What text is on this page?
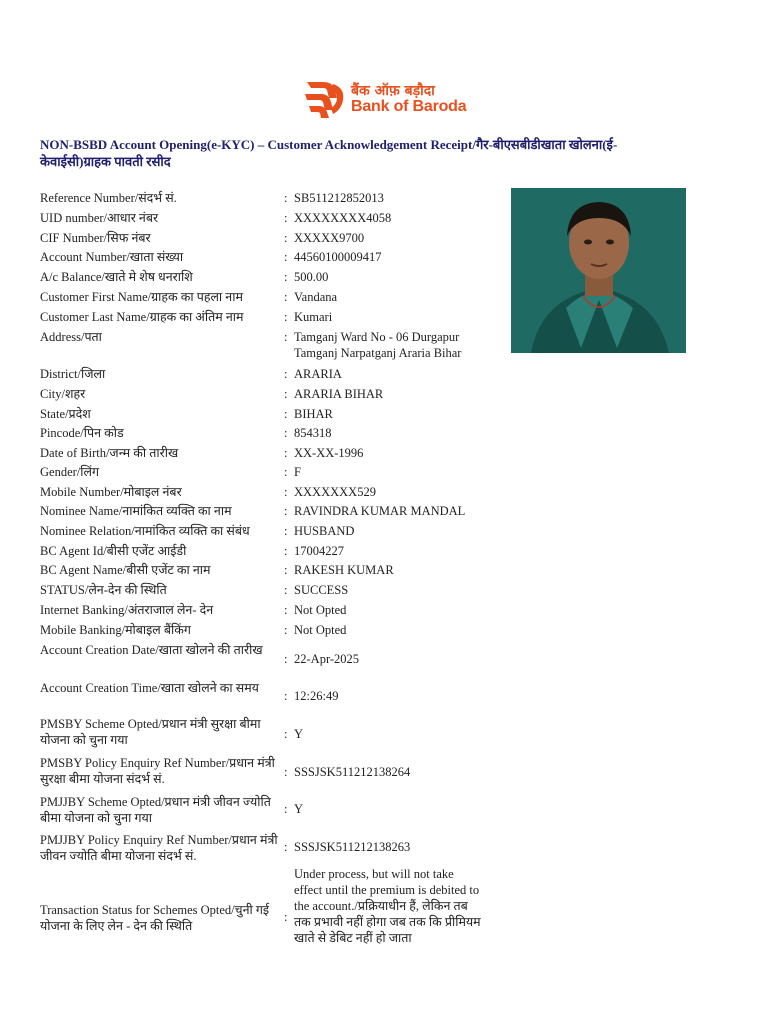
बैंक ऑफ़ बड़ौदा
Bank of Baroda
NON-BSBD Account Opening(e-KYC) – Customer Acknowledgement Receipt/गैर-बीएसबीडीखाता खोलना(ई-केवाईसी)ग्राहक पावती रसीद
Reference Number/संदर्भ सं.	: SB511212852013
UID number/आधार नंबर	: XXXXXXXX4058
CIF Number/सिफ नंबर	: XXXXX9700
Account Number/खाता संख्या	: 44560100009417
A/c Balance/खाते मे शेष धनराशि	: 500.00
Customer First Name/ग्राहक का पहला नाम	: Vandana
Customer Last Name/ग्राहक का अंतिम नाम	: Kumari
Address/पता	: Tamganj Ward No - 06 Durgapur Tamganj Narpatganj Araria Bihar
District/जिला	: ARARIA
City/शहर	: ARARIA BIHAR
State/प्रदेश	: BIHAR
Pincode/पिन कोड	: 854318
Date of Birth/जन्म की तारीख	: XX-XX-1996
Gender/लिंग	: F
Mobile Number/मोबाइल नंबर	: XXXXXXX529
Nominee Name/नामांकित व्यक्ति का नाम	: RAVINDRA KUMAR MANDAL
Nominee Relation/नामांकित व्यक्ति का संबंध	: HUSBAND
BC Agent Id/बीसी एजेंट आईडी	: 17004227
BC Agent Name/बीसी एजेंट का नाम	: RAKESH KUMAR
STATUS/लेन-देन की स्थिति	: SUCCESS
Internet Banking/अंतराजाल लेन- देन	: Not Opted
Mobile Banking/मोबाइल बैंकिंग	: Not Opted
Account Creation Date/खाता खोलने की तारीख
: 22-Apr-2025
Account Creation Time/खाता खोलने का समय
: 12:26:49
PMSBY Scheme Opted/प्रधान मंत्री सुरक्षा बीमा योजना को चुना गया	: Y
PMSBY Policy Enquiry Ref Number/प्रधान मंत्री सुरक्षा बीमा योजना संदर्भ सं.	: SSSJSK511212138264
PMJJBY Scheme Opted/प्रधान मंत्री जीवन ज्योति बीमा योजना को चुना गया
: Y
PMJJBY Policy Enquiry Ref Number/प्रधान मंत्री जीवन ज्योति बीमा योजना संदर्भ सं.
: SSSJSK511212138263
Transaction Status for Schemes Opted/चुनी गई योजना के लिए लेन - देन की स्थिति
:
Under process, but will not take effect until the premium is debited to the account./प्रक्रियाधीन हैं, लेकिन तब तक प्रभावी नहीं होगा जब तक कि प्रीमियम खाते से डेबिट नहीं हो जाता
